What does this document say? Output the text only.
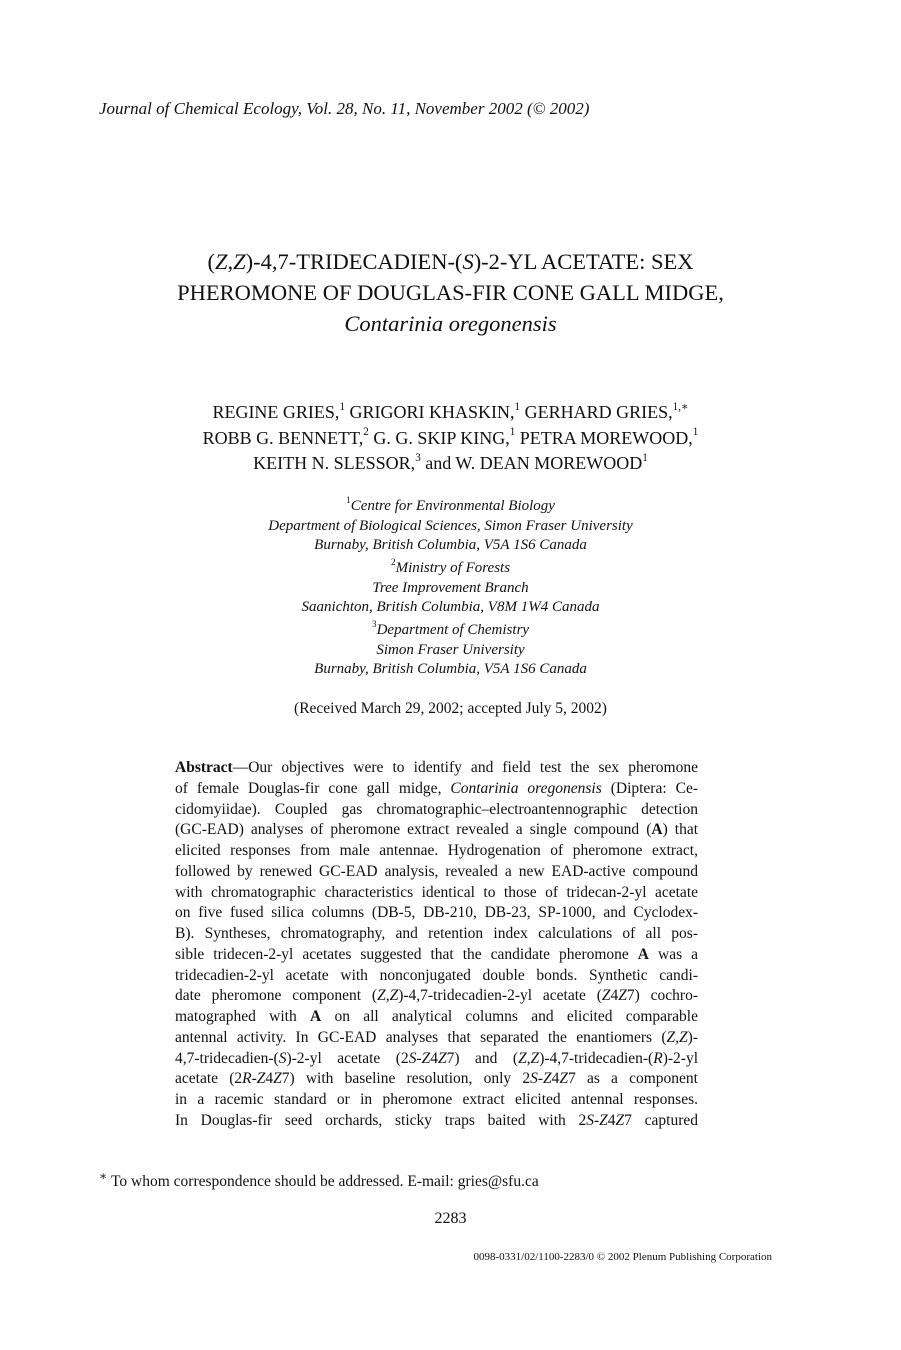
Journal of Chemical Ecology, Vol. 28, No. 11, November 2002 (© 2002)
(Z,Z)-4,7-TRIDECADIEN-(S)-2-YL ACETATE: SEX
PHEROMONE OF DOUGLAS-FIR CONE GALL MIDGE,
Contarinia oregonensis
REGINE GRIES,$^1$ GRIGORI KHASKIN,$^1$ GERHARD GRIES,$^{1,∗}$
ROBB G. BENNETT,$^2$ G. G. SKIP KING,$^1$ PETRA MOREWOOD,$^1$
KEITH N. SLESSOR,$^3$ and W. DEAN MOREWOOD$^1$
$^1$Centre for Environmental Biology
Department of Biological Sciences, Simon Fraser University
Burnaby, British Columbia, V5A 1S6 Canada
$^2$Ministry of Forests
Tree Improvement Branch
Saanichton, British Columbia, V8M 1W4 Canada
$^3$Department of Chemistry
Simon Fraser University
Burnaby, British Columbia, V5A 1S6 Canada
(Received March 29, 2002; accepted July 5, 2002)
Abstract—Our objectives were to identify and field test the sex pheromone
of female Douglas-fir cone gall midge, Contarinia oregonensis (Diptera: Ce-
cidomyiidae). Coupled gas chromatographic–electroantennographic detection
(GC-EAD) analyses of pheromone extract revealed a single compound (A) that
elicited responses from male antennae. Hydrogenation of pheromone extract,
followed by renewed GC-EAD analysis, revealed a new EAD-active compound
with chromatographic characteristics identical to those of tridecan-2-yl acetate
on five fused silica columns (DB-5, DB-210, DB-23, SP-1000, and Cyclodex-
B). Syntheses, chromatography, and retention index calculations of all pos-
sible tridecen-2-yl acetates suggested that the candidate pheromone A was a
tridecadien-2-yl acetate with nonconjugated double bonds. Synthetic candi-
date pheromone component (Z,Z)-4,7-tridecadien-2-yl acetate (Z4Z7) cochro-
matographed with A on all analytical columns and elicited comparable
antennal activity. In GC-EAD analyses that separated the enantiomers (Z,Z)-
4,7-tridecadien-(S)-2-yl acetate (2S-Z4Z7) and (Z,Z)-4,7-tridecadien-(R)-2-yl
acetate (2R-Z4Z7) with baseline resolution, only 2S-Z4Z7 as a component
in a racemic standard or in pheromone extract elicited antennal responses.
In Douglas-fir seed orchards, sticky traps baited with 2S-Z4Z7 captured
∗ To whom correspondence should be addressed. E-mail: gries@sfu.ca
2283
0098-0331/02/1100-2283/0 © 2002 Plenum Publishing Corporation
